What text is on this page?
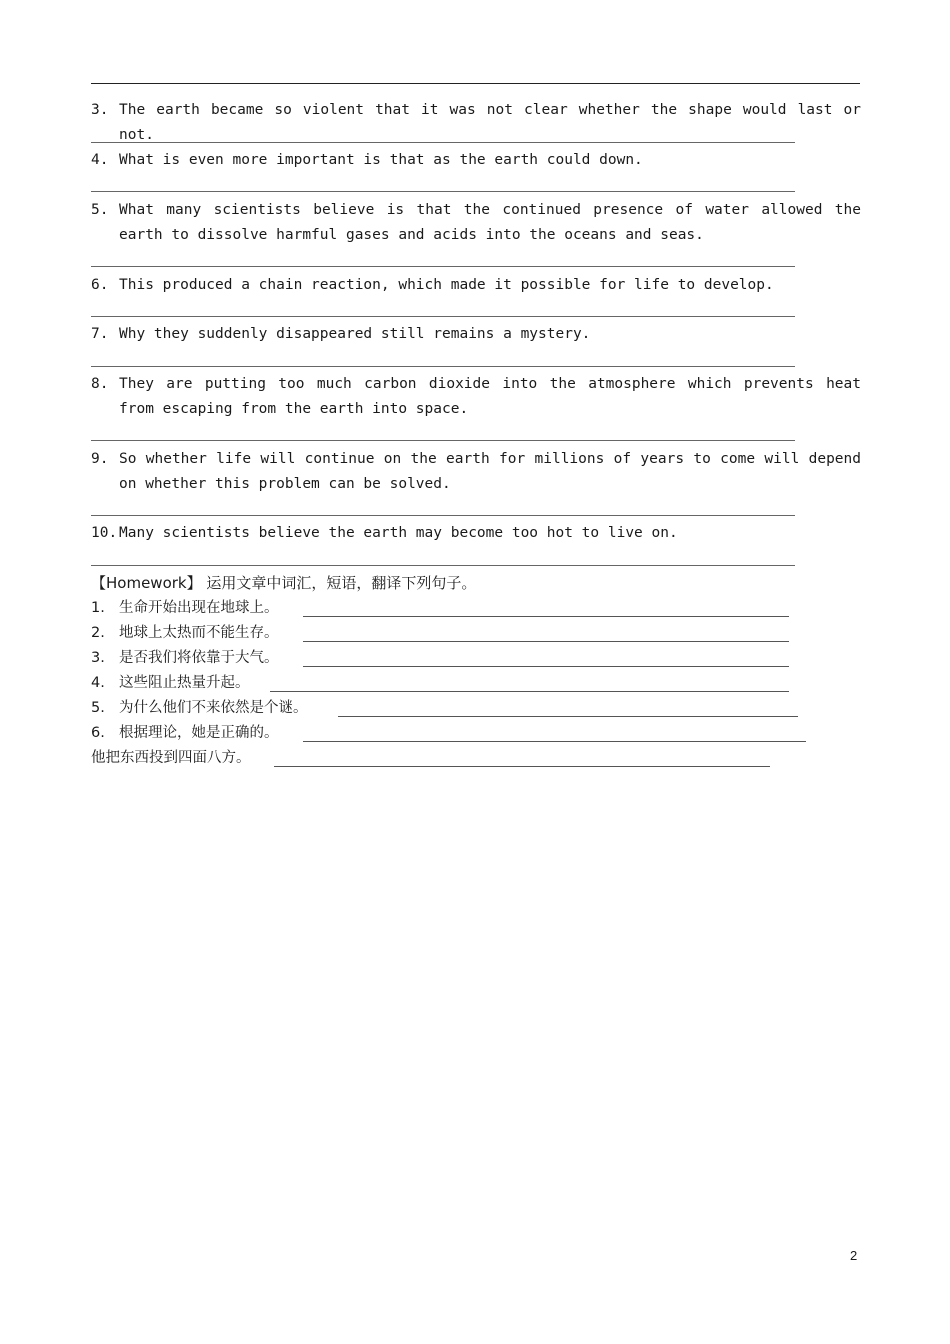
3. The earth became so violent that it was not clear whether the shape would last or not.
4. What is even more important is that as the earth could down.
5. What many scientists believe is that the continued presence of water allowed the earth to dissolve harmful gases and acids into the oceans and seas.
6. This produced a chain reaction, which made it possible for life to develop.
7. Why they suddenly disappeared still remains a mystery.
8. They are putting too much carbon dioxide into the atmosphere which prevents heat from escaping from the earth into space.
9. So whether life will continue on the earth for millions of years to come will depend on whether this problem can be solved.
10. Many scientists believe the earth may become too hot to live on.
【Homework】 运用文章中词汇，短语，翻译下列句子。
1. 生命开始出现在地球上。
2. 地球上太热而不能生存。
3. 是否我们将依靠于大气。
4. 这些阻止热量升起。
5. 为什么他们不来依然是个谜。
6. 根据理论，她是正确的。
他把东西投到四面八方。
2
